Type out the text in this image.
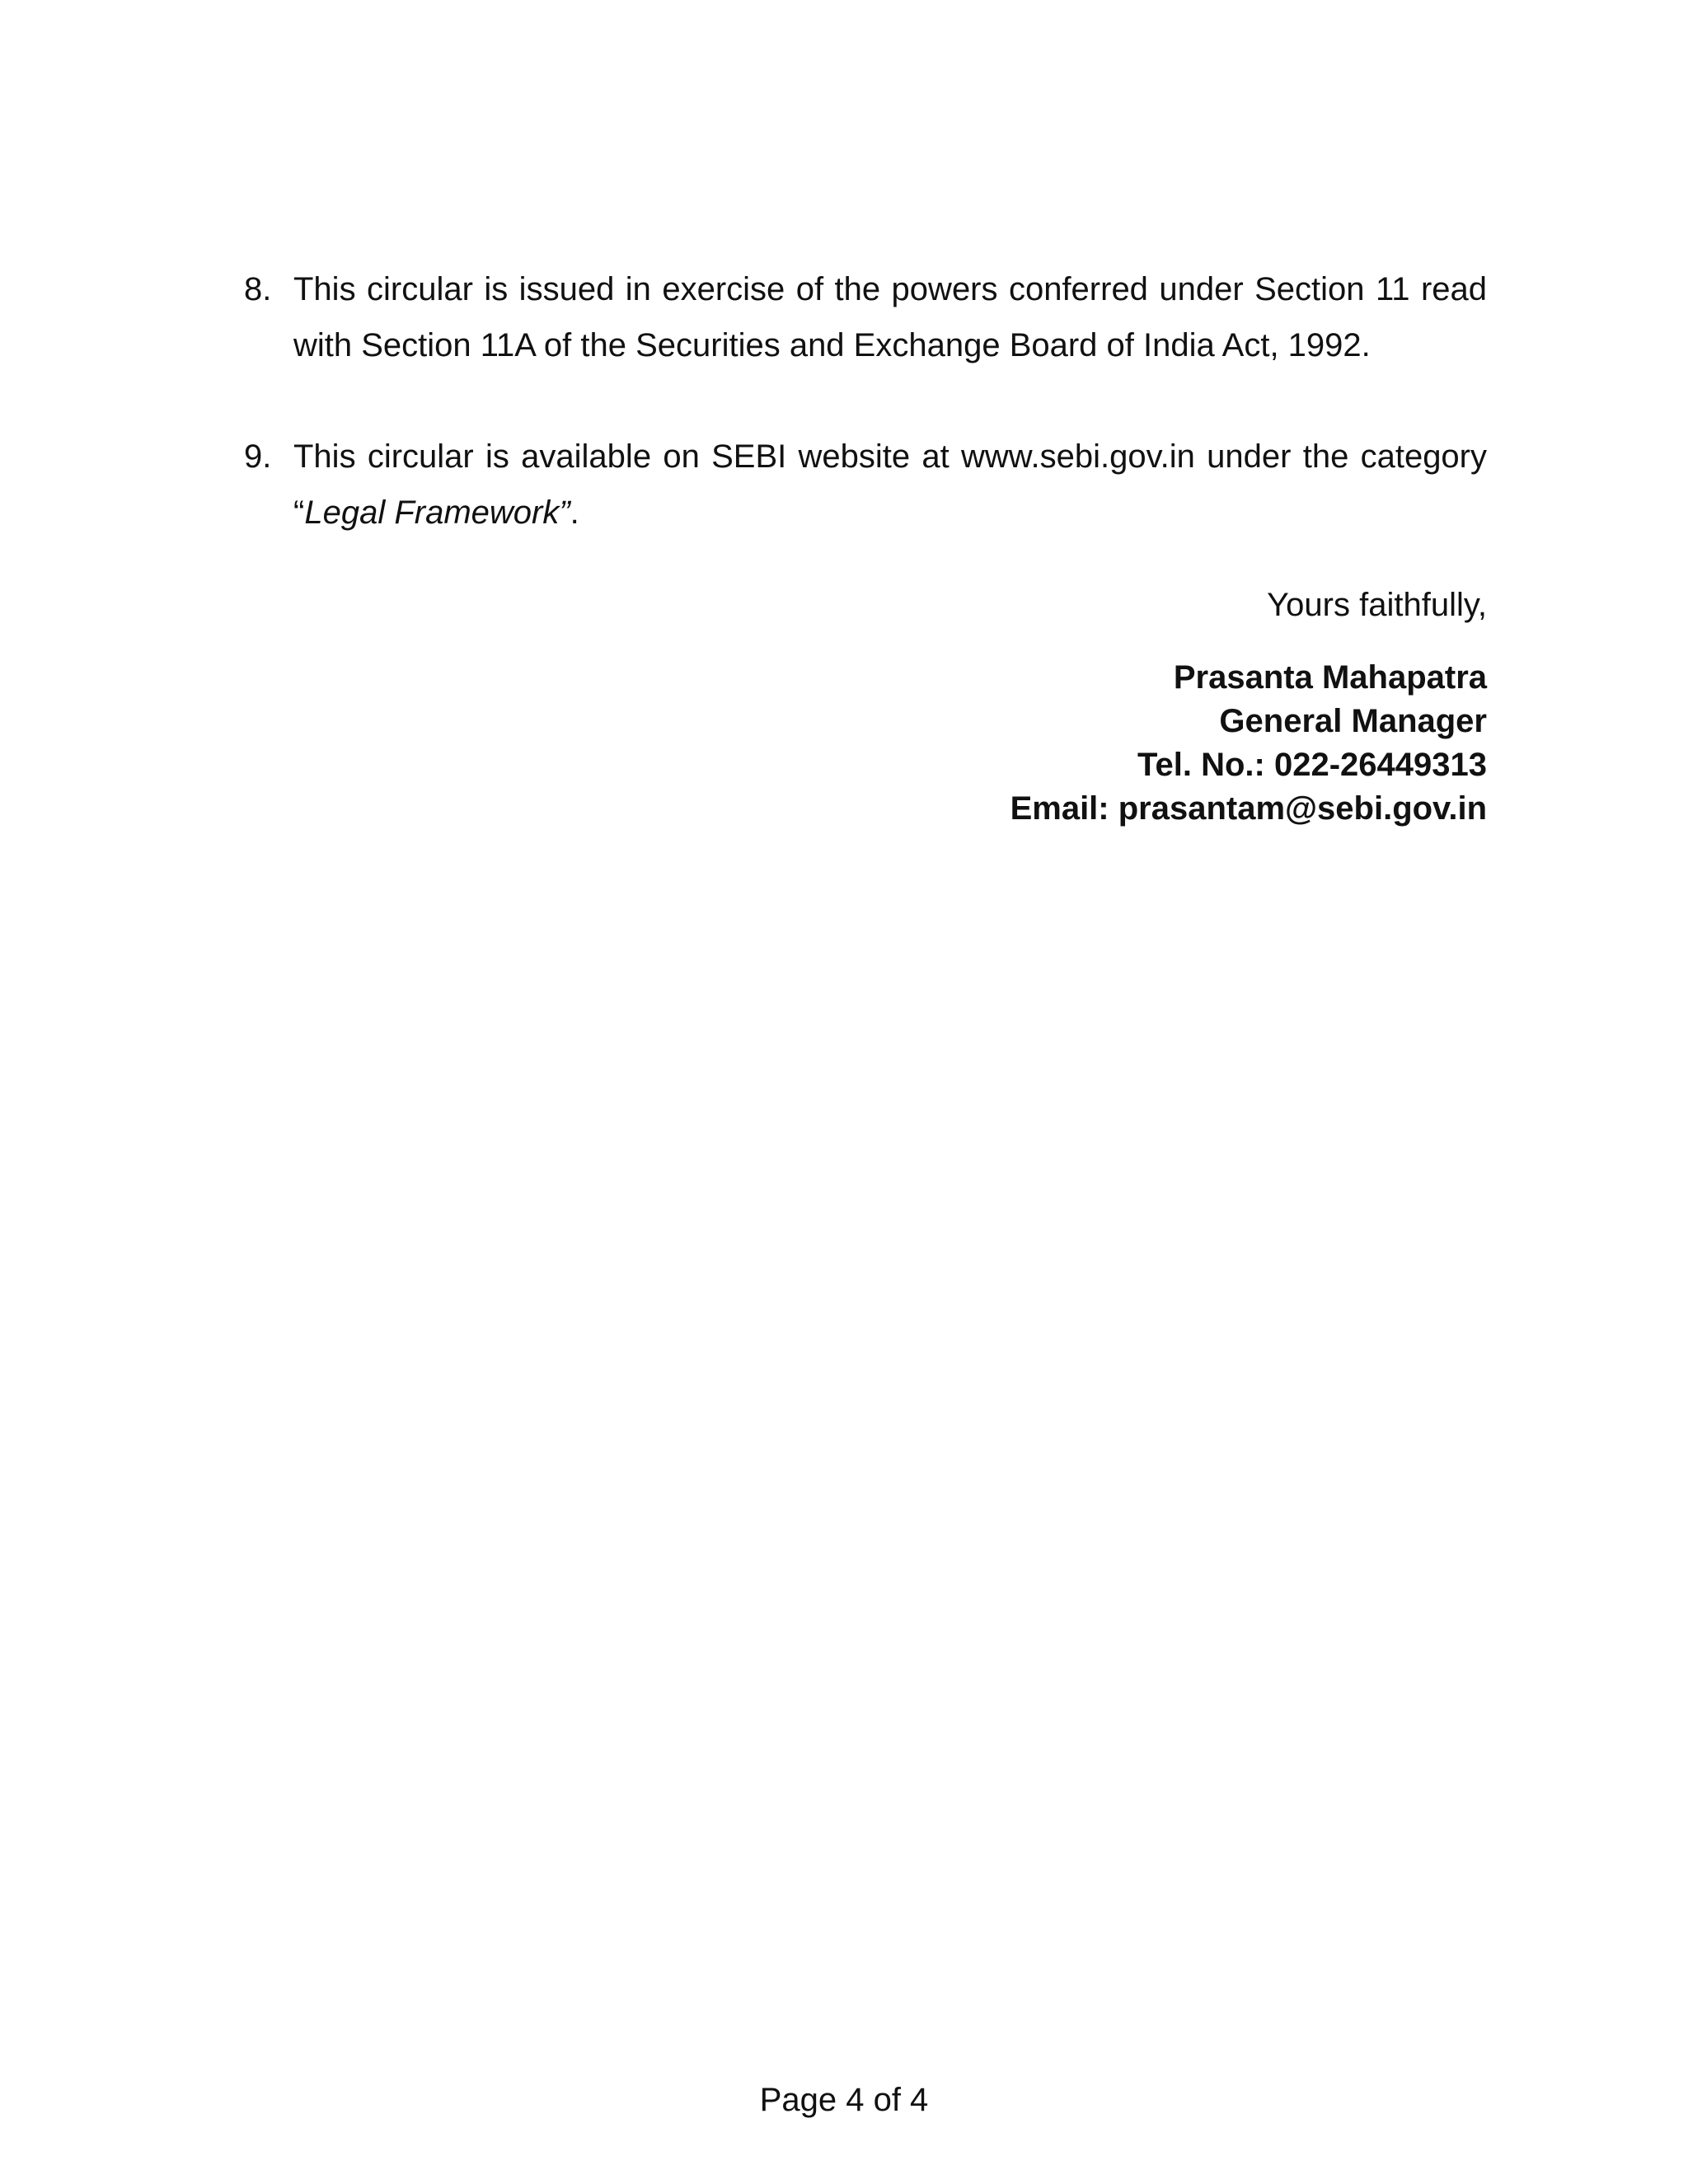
8. This circular is issued in exercise of the powers conferred under Section 11 read with Section 11A of the Securities and Exchange Board of India Act, 1992.
9. This circular is available on SEBI website at www.sebi.gov.in under the category “Legal Framework”.
Yours faithfully,
Prasanta Mahapatra
General Manager
Tel. No.: 022-26449313
Email: prasantam@sebi.gov.in
Page 4 of 4
